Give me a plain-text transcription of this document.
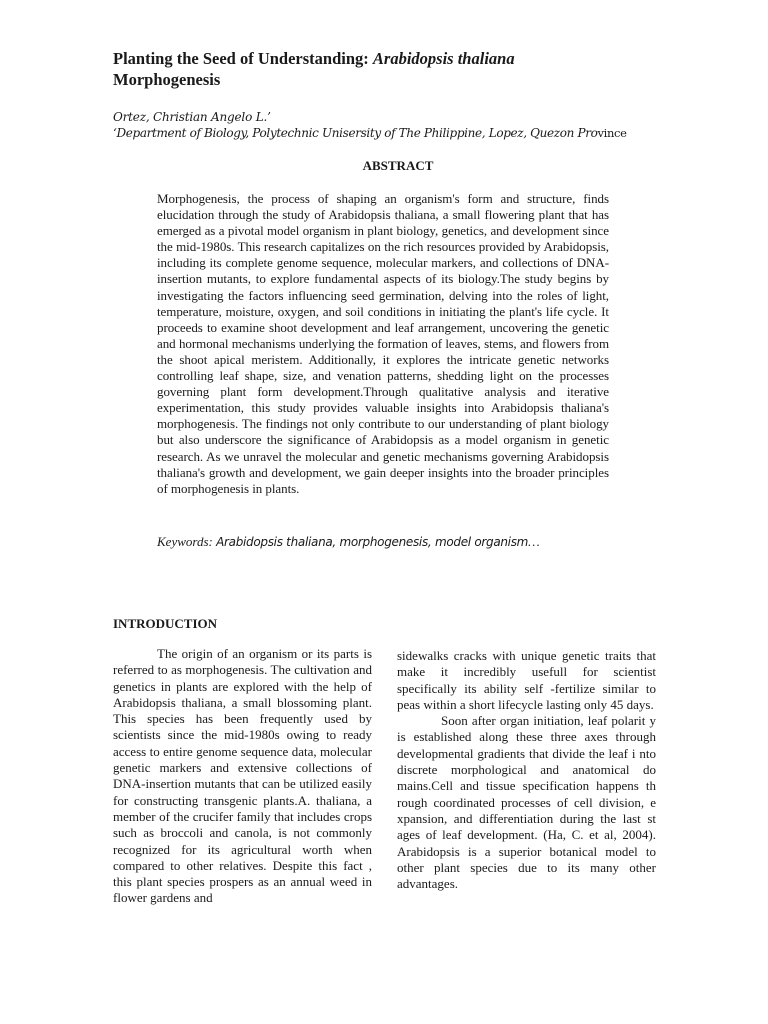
Planting the Seed of Understanding: Arabidopsis thaliana
Morphogenesis
Ortez, Christian Angelo L.’
‘Department of Biology, Polytechnic Unisersity of The Philippine, Lopez, Quezon Province
ABSTRACT
Morphogenesis, the process of shaping an organism's form and structure, finds elucidation through the study of Arabidopsis thaliana, a small flowering plant that has emerged as a pivotal model organism in plant biology, genetics, and development since the mid-1980s. This research capitalizes on the rich resources provided by Arabidopsis, including its complete genome sequence, molecular markers, and collections of DNA-insertion mutants, to explore fundamental aspects of its biology.The study begins by investigating the factors influencing seed germination, delving into the roles of light, temperature, moisture, oxygen, and soil conditions in initiating the plant's life cycle. It proceeds to examine shoot development and leaf arrangement, uncovering the genetic and hormonal mechanisms underlying the formation of leaves, stems, and flowers from the shoot apical meristem. Additionally, it explores the intricate genetic networks controlling leaf shape, size, and venation patterns, shedding light on the processes governing plant form development.Through qualitative analysis and iterative experimentation, this study provides valuable insights into Arabidopsis thaliana's morphogenesis. The findings not only contribute to our understanding of plant biology but also underscore the significance of Arabidopsis as a model organism in genetic research. As we unravel the molecular and genetic mechanisms governing Arabidopsis thaliana's growth and development, we gain deeper insights into the broader principles of morphogenesis in plants.
Keywords: Arabidopsis thaliana, morphogenesis, model organism…
INTRODUCTION

The origin of an organism or its parts is referred to as morphogenesis. The cultivation and genetics in plants are explored with the help of Arabidopsis thaliana, a small blossoming plant. This species has been frequently used by scientists since the mid-1980s owing to ready access to entire genome sequence data, molecular genetic markers and extensive collections of DNA-insertion mutants that can be utilized easily for constructing transgenic plants.A. thaliana, a member of the crucifer family that includes crops such as broccoli and canola, is not commonly recognized for its agricultural worth when compared to other relatives. Despite this fact , this plant species prospers as an annual weed in flower gardens and

sidewalks cracks with unique genetic traits that make it incredibly usefull for scientist specifically its ability self -fertilize similar to peas within a short lifecycle lasting only 45 days.

Soon after organ initiation, leaf polarit y is established along these three axes through developmental gradients that divide the leaf i nto discrete morphological and anatomical do mains.Cell and tissue specification happens th rough coordinated processes of cell division, e xpansion, and differentiation during the last st ages of leaf development. (Ha, C. et al, 2004). Arabidopsis is a superior botanical model to other plant species due to its many other advantages.
